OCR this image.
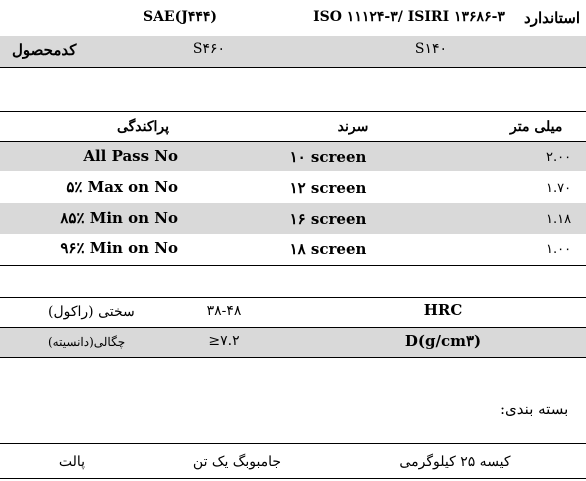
استاندارد
SAE(J۴۴۴)	ISO ۱۱۱۲۴-۳/ ISIRI ۱۳۶۸۶-۳
کدمحصول	S۴۶۰	S۱۴۰
پراکندگی	سرند	میلی متر
All Pass No	۱۰ screen	۲.۰۰
۵٪ Max on No	۱۲ screen	۱.۷۰
۸۵٪ Min on No	۱۶ screen	۱.۱۸
۹۶٪ Min on No	۱۸ screen	۱.۰۰
سختی (راکول)	۳۸-۴۸	HRC
چگالی(دانسیته)	≥۷.۲	D(g/cm۳)
بسته بندی:
کیسه ۲۵ کیلوگرمی
جامبوبگ یک تن
پالت
